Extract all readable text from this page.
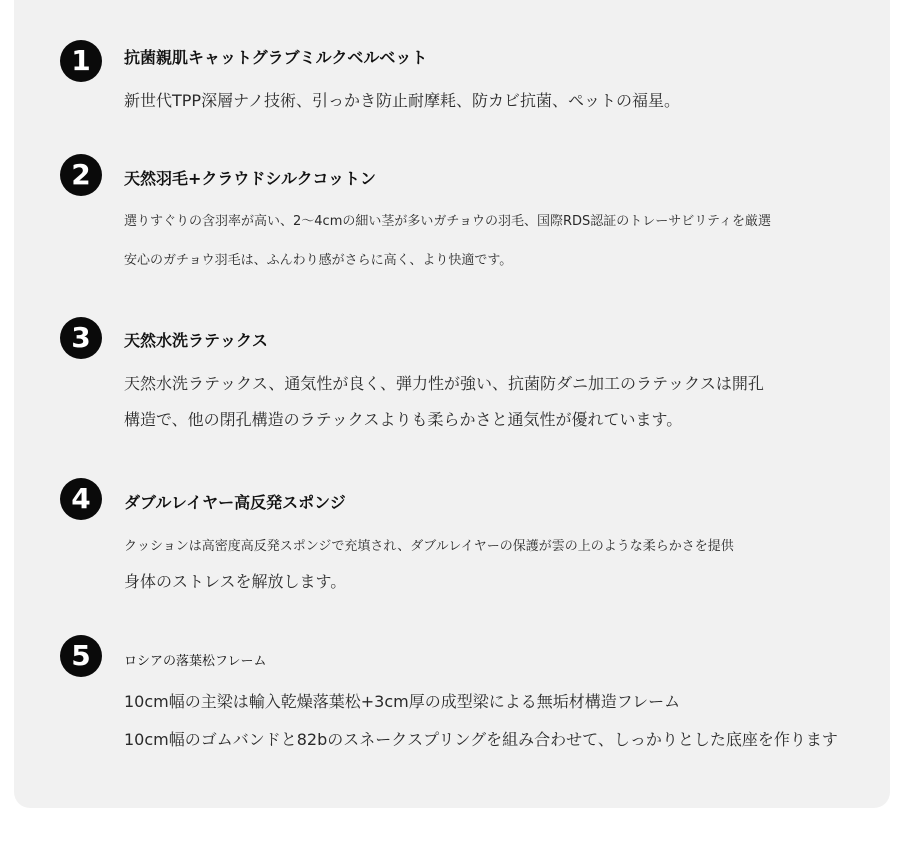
1	抗菌親肌キャットグラブミルクベルベット
新世代TPP深層ナノ技術、引っかき防止耐摩耗、防カビ抗菌、ペットの福星。
2	天然羽毛+クラウドシルクコットン
選りすぐりの含羽率が高い、2～4cmの細い茎が多いガチョウの羽毛、国際RDS認証のトレーサビリティを厳選
安心のガチョウ羽毛は、ふんわり感がさらに高く、より快適です。
3	天然水洗ラテックス
天然水洗ラテックス、通気性が良く、弾力性が強い、抗菌防ダニ加工のラテックスは開孔
構造で、他の閉孔構造のラテックスよりも柔らかさと通気性が優れています。
4	ダブルレイヤー高反発スポンジ
クッションは高密度高反発スポンジで充填され、ダブルレイヤーの保護が雲の上のような柔らかさを提供
身体のストレスを解放します。
5	ロシアの落葉松フレーム
10cm幅の主梁は輸入乾燥落葉松+3cm厚の成型梁による無垢材構造フレーム
10cm幅のゴムバンドと82bのスネークスプリングを組み合わせて、しっかりとした底座を作ります
